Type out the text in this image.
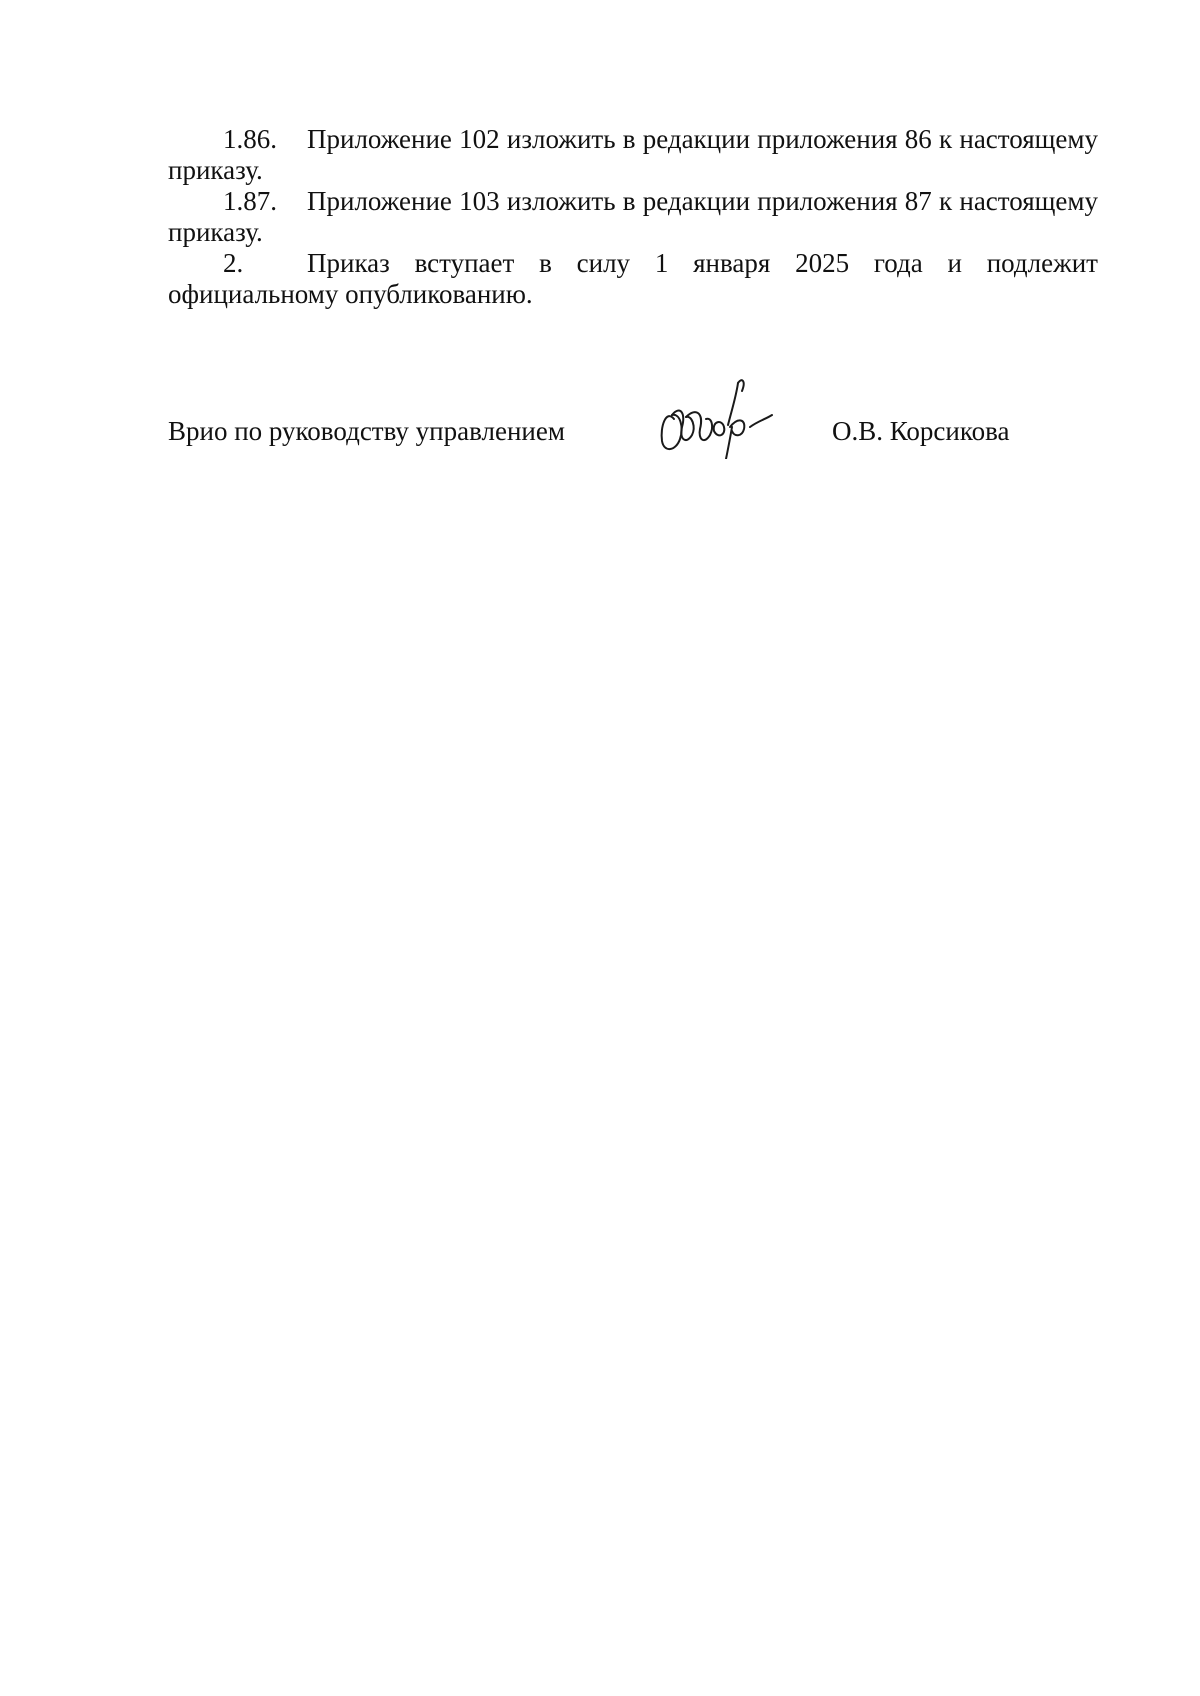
1.86. Приложение 102 изложить в редакции приложения 86 к настоящему
приказу.
1.87. Приложение 103 изложить в редакции приложения 87 к настоящему
приказу.
2. Приказ вступает в силу 1 января 2025 года и подлежит
официальному опубликованию.
Врио по руководству управлением	О.В. Корсикова
